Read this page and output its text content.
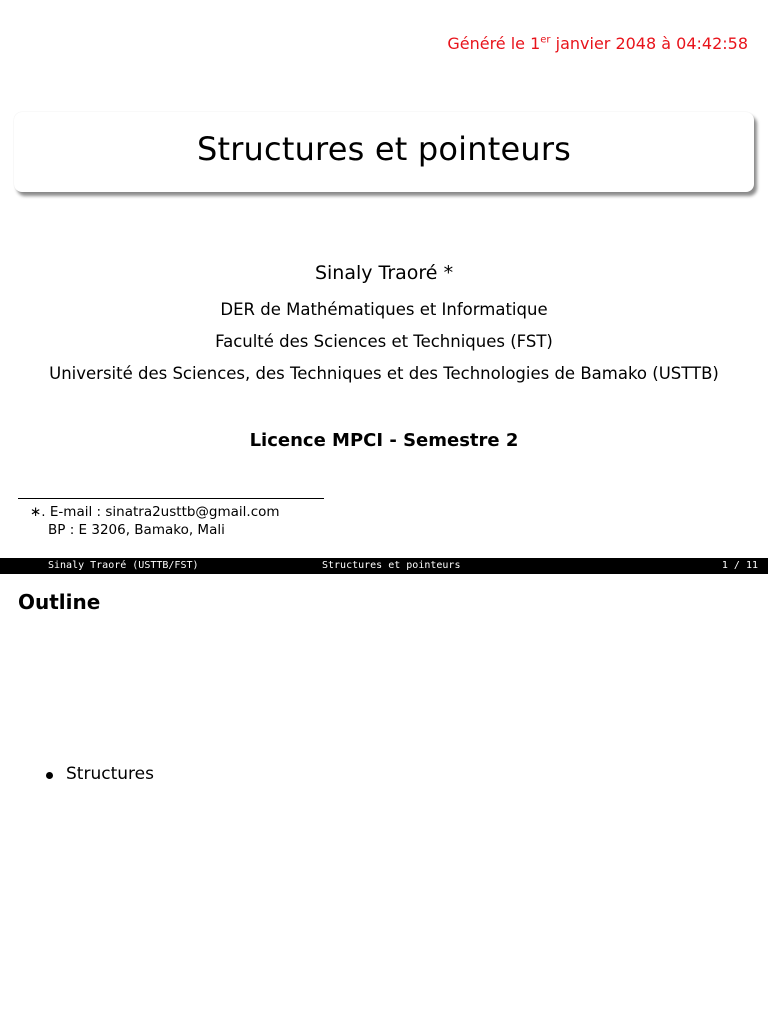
Généré le 1er janvier 2048 à 04:42:58
Structures et pointeurs
Sinaly Traoré *
DER de Mathématiques et Informatique
Faculté des Sciences et Techniques (FST)
Université des Sciences, des Techniques et des Technologies de Bamako (USTTB)
Licence MPCI - Semestre 2
∗. E-mail : sinatra2usttb@gmail.com
BP : E 3206, Bamako, Mali
Sinaly Traoré (USTTB/FST)	Structures et pointeurs	1 / 11
Outline
Structures
